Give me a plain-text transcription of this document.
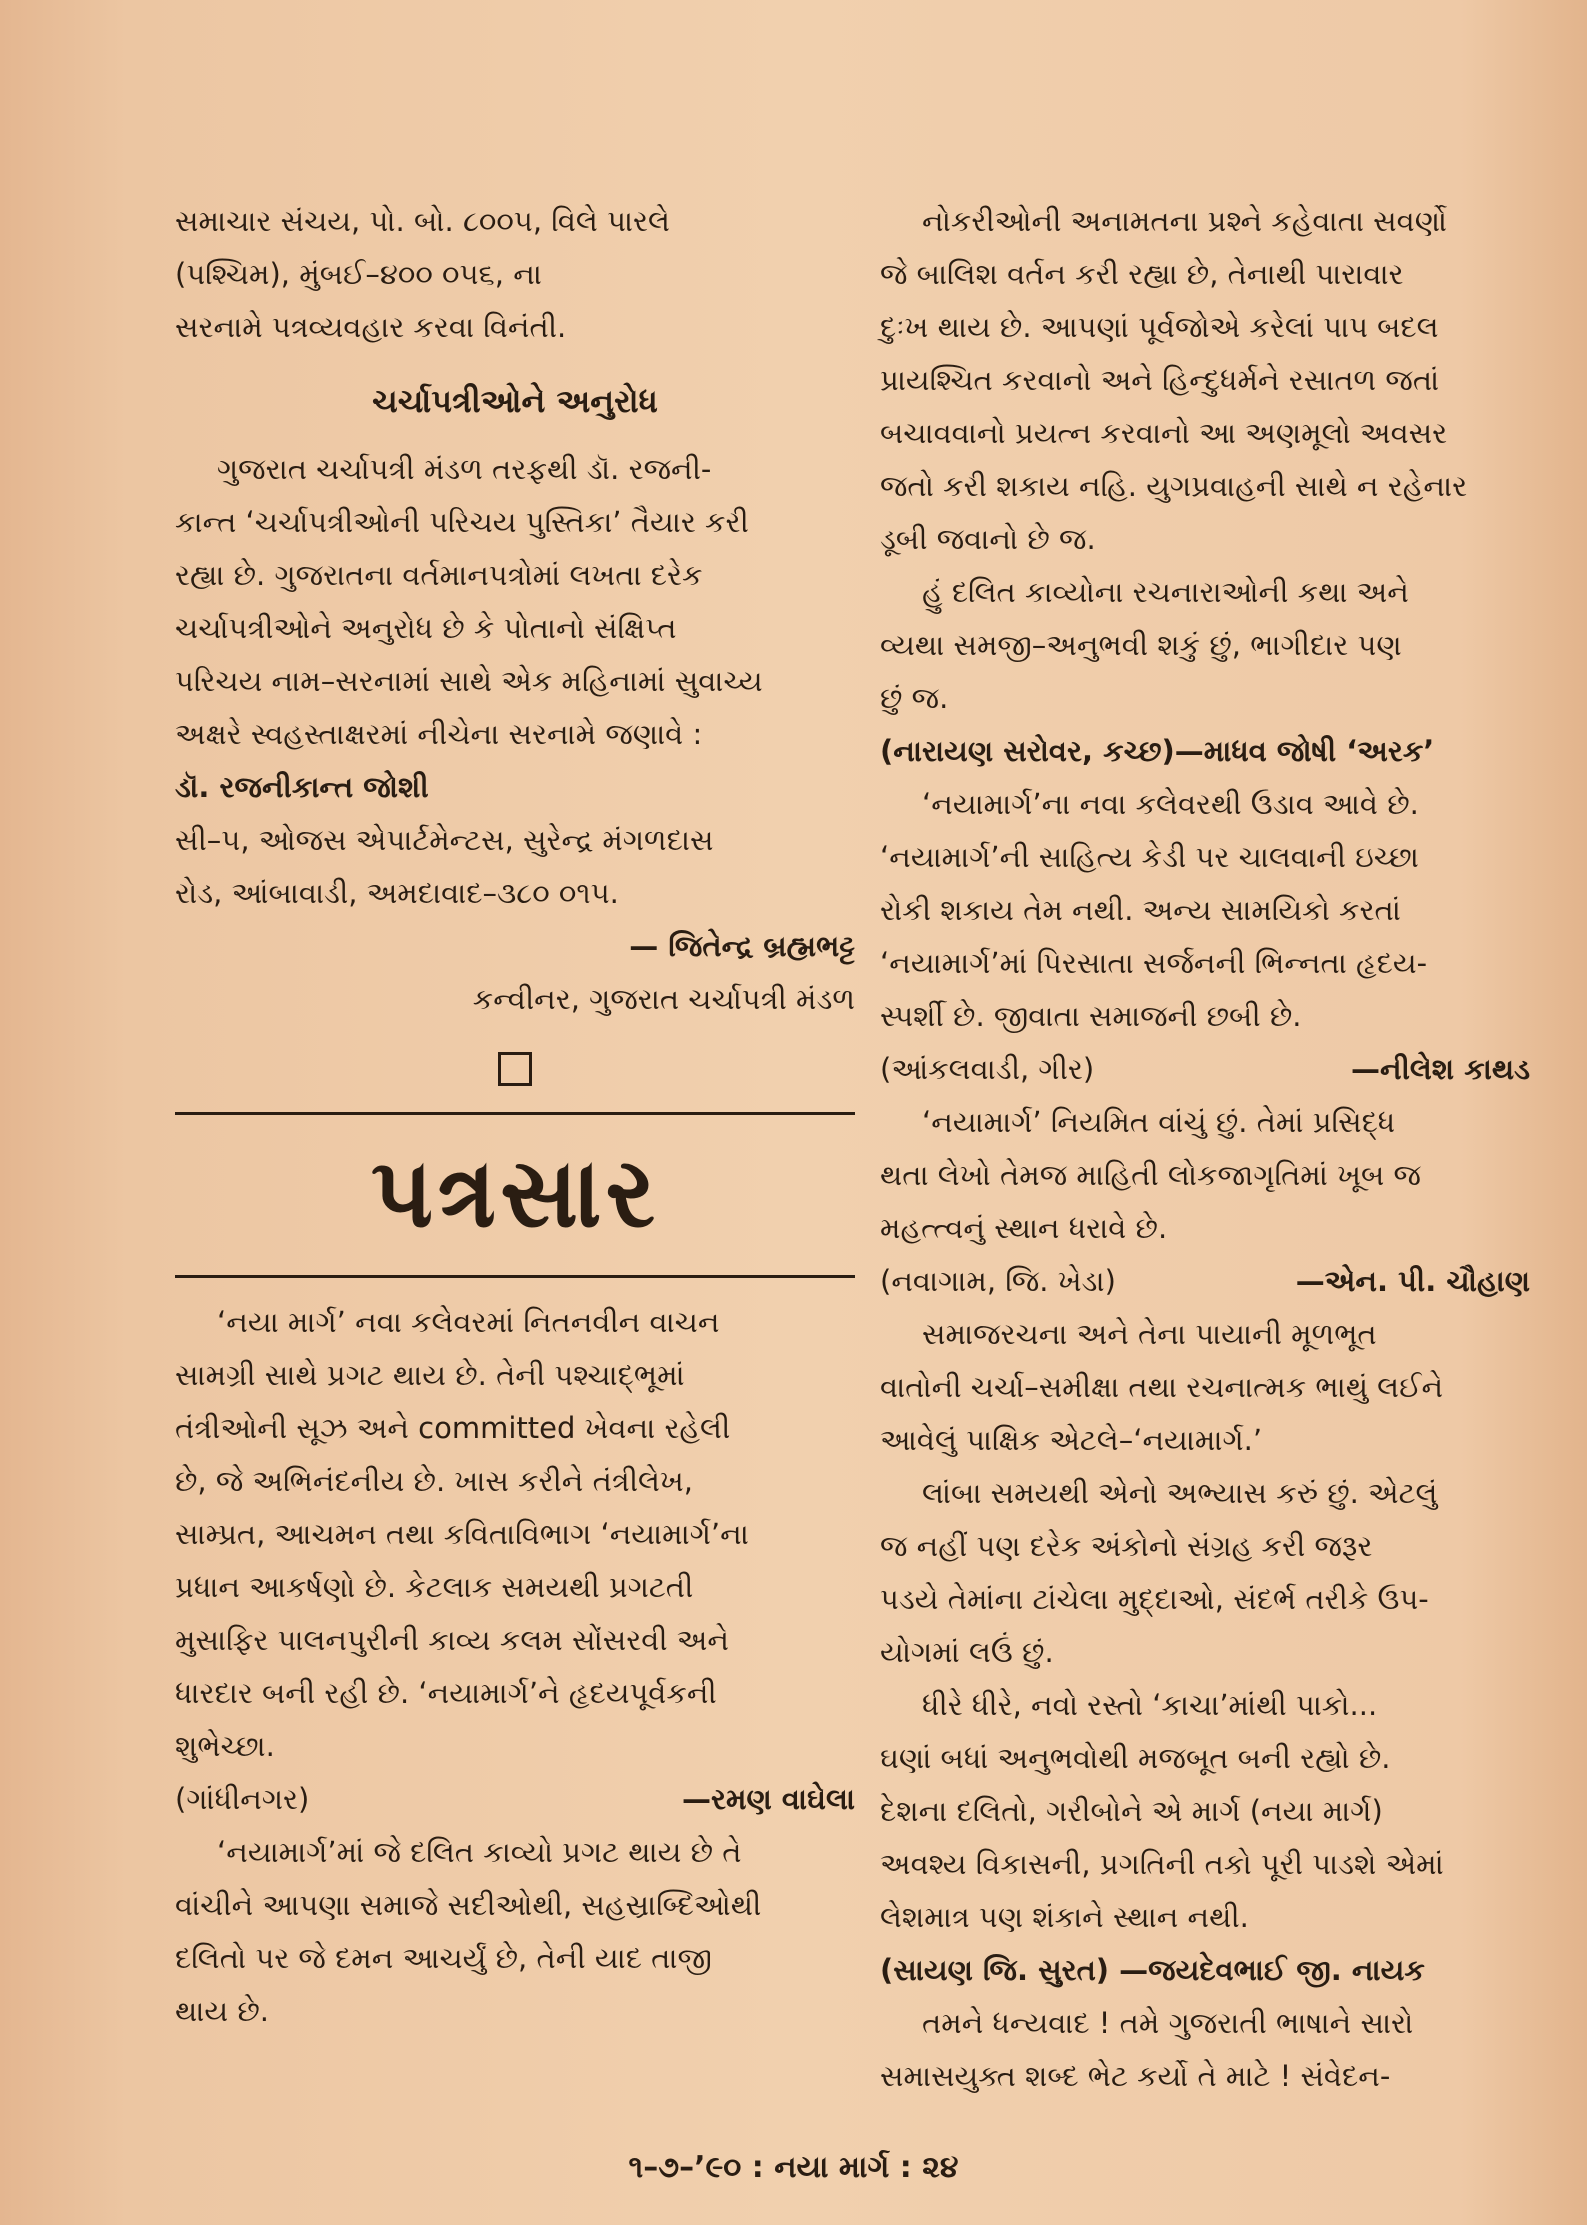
સમાચાર સંચય, પો. બો. ૮૦૦૫, વિલે પારલે

(પશ્ચિમ), મુંબઈ–૪૦૦ ૦૫૬, ના

સરનામે પત્રવ્યવહાર કરવા વિનંતી.

ચર્ચાપત્રીઓને અનુરોધ

ગુજરાત ચર્ચાપત્રી મંડળ તરફથી ડૉ. રજની-

કાન્ત ‘ચર્ચાપત્રીઓની પરિચય પુસ્તિકા’ તૈયાર કરી

રહ્યા છે. ગુજરાતના વર્તમાનપત્રોમાં લખતા દરેક

ચર્ચાપત્રીઓને અનુરોધ છે કે પોતાનો સંક્ષિપ્ત

પરિચય નામ–સરનામાં સાથે એક મહિનામાં સુવાચ્ય

અક્ષરે સ્વહસ્તાક્ષરમાં નીચેના સરનામે જણાવે :

ડૉ. રજનીકાન્ત જોશી

સી–૫, ઓજસ એપાર્ટમેન્ટસ, સુરેન્દ્ર મંગળદાસ

રોડ, આંબાવાડી, અમદાવાદ–૩૮૦ ૦૧૫.

— જિતેન્દ્ર બ્રહ્મભટ્ટ

કન્વીનર, ગુજરાત ચર્ચાપત્રી મંડળ

પત્રસાર

‘નયા માર્ગ’ નવા કલેવરમાં નિતનવીન વાચન

સામગ્રી સાથે પ્રગટ થાય છે. તેની પશ્ચાદ્‌ભૂમાં

તંત્રીઓની સૂઝ અને committed ખેવના રહેલી

છે, જે અભિનંદનીય છે. ખાસ કરીને તંત્રીલેખ,

સામ્પ્રત, આચમન તથા કવિતાવિભાગ ‘નયામાર્ગ’ના

પ્રધાન આકર્ષણો છે. કેટલાક સમયથી પ્રગટતી

મુસાફિર પાલનપુરીની કાવ્ય કલમ સોંસરવી અને

ધારદાર બની રહી છે. ‘નયામાર્ગ’ને હૃદયપૂર્વકની

શુભેચ્છા.

(ગાંધીનગર)	—રમણ વાઘેલા

‘નયામાર્ગ’માં જે દલિત કાવ્યો પ્રગટ થાય છે તે

વાંચીને આપણા સમાજે સદીઓથી, સહસ્રાબ્દિઓથી

દલિતો પર જે દમન આચર્યું છે, તેની યાદ તાજી

થાય છે.

નોકરીઓની અનામતના પ્રશ્ને કહેવાતા સવર્ણો

જે બાલિશ વર્તન કરી રહ્યા છે, તેનાથી પારાવાર

દુઃખ થાય છે. આપણાં પૂર્વજોએ કરેલાં પાપ બદલ

પ્રાયશ્ચિત કરવાનો અને હિન્દુધર્મને રસાતળ જતાં

બચાવવાનો પ્રયત્ન કરવાનો આ અણમૂલો અવસર

જતો કરી શકાય નહિ. યુગપ્રવાહની સાથે ન રહેનાર

ડૂબી જવાનો છે જ.

હું દલિત કાવ્યોના રચનારાઓની કથા અને

વ્યથા સમજી–અનુભવી શકું છું, ભાગીદાર પણ

છું જ.

(નારાયણ સરોવર, કચ્છ)—માધવ જોષી ‘અરક’

‘નયામાર્ગ’ના નવા કલેવરથી ઉડાવ આવે છે.

‘નયામાર્ગ’ની સાહિત્ય કેડી પર ચાલવાની ઇચ્છા

રોકી શકાય તેમ નથી. અન્ય સામયિકો કરતાં

‘નયામાર્ગ’માં પિરસાતા સર્જનની ભિન્નતા હૃદય-

સ્પર્શી છે. જીવાતા સમાજની છબી છે.

(આંકલવાડી, ગીર)	—નીલેશ કાથડ

‘નયામાર્ગ’ નિયમિત વાંચું છું. તેમાં પ્રસિદ્ધ

થતા લેખો તેમજ માહિતી લોકજાગૃતિમાં ખૂબ જ

મહત્ત્વનું સ્થાન ધરાવે છે.

(નવાગામ, જિ. ખેડા)	—એન. પી. ચૌહાણ

સમાજરચના અને તેના પાયાની મૂળભૂત

વાતોની ચર્ચા–સમીક્ષા તથા રચનાત્મક ભાથું લઈને

આવેલું પાક્ષિક એટલે–‘નયામાર્ગ.’

લાંબા સમયથી એનો અભ્યાસ કરું છું. એટલું

જ નહીં પણ દરેક અંકોનો સંગ્રહ કરી જરૂર

પડયે તેમાંના ટાંચેલા મુદ્દાઓ, સંદર્ભ તરીકે ઉપ-

યોગમાં લઉં છું.

ધીરે ધીરે, નવો રસ્તો ‘કાચા’માંથી પાકો...

ઘણાં બધાં અનુભવોથી મજબૂત બની રહ્યો છે.

દેશના દલિતો, ગરીબોને એ માર્ગ (નયા માર્ગ)

અવશ્ય વિકાસની, પ્રગતિની તકો પૂરી પાડશે એમાં

લેશમાત્ર પણ શંકાને સ્થાન નથી.

(સાયણ જિ. સુરત) —જયદેવભાઈ જી. નાયક

તમને ધન્યવાદ ! તમે ગુજરાતી ભાષાને સારો

સમાસયુક્ત શબ્દ ભેટ કર્યો તે માટે ! સંવેદન-

૧–૭–’૯૦ : નયા માર્ગ : ૨૪
